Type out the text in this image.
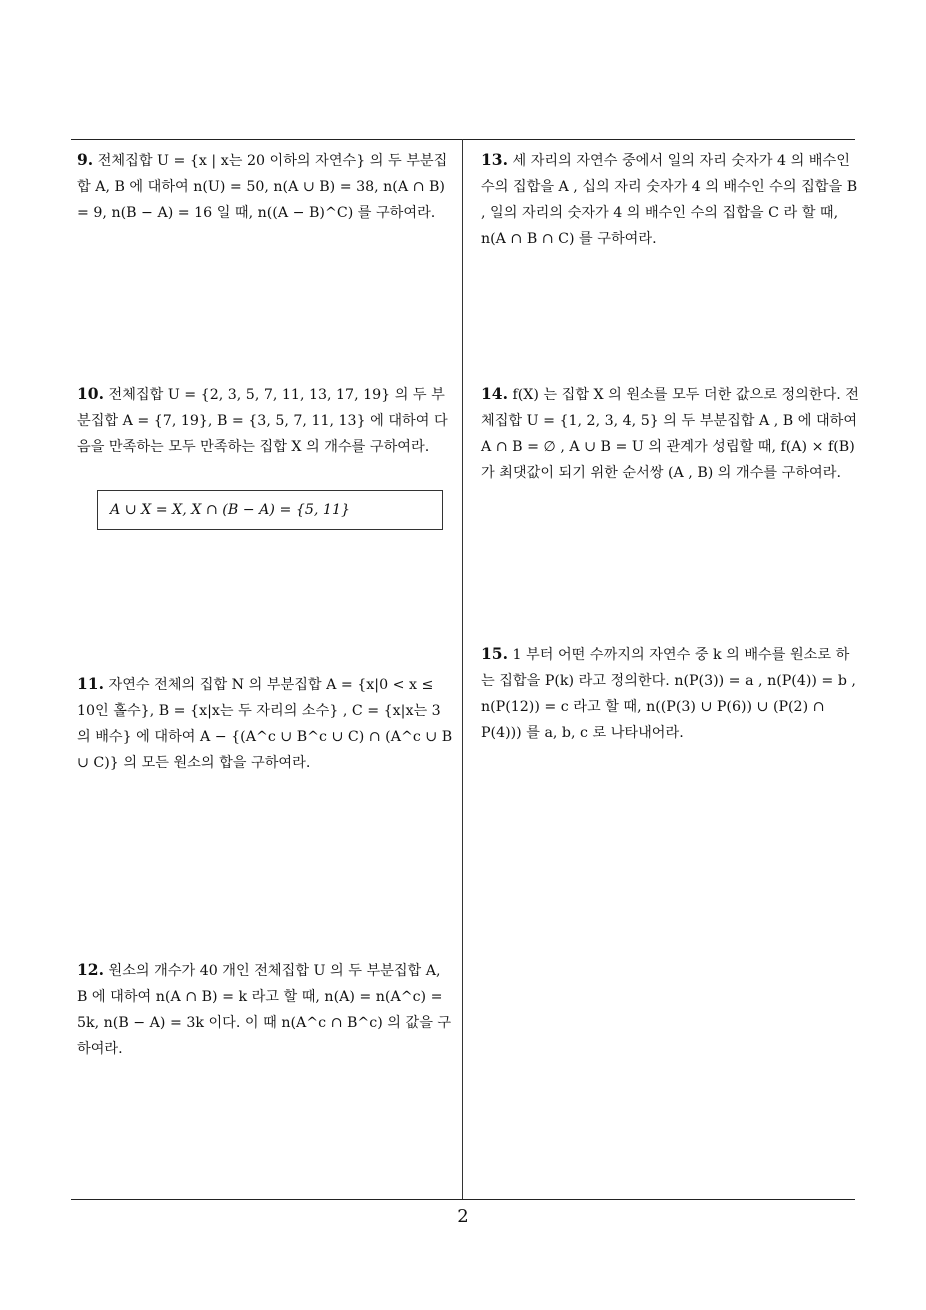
9. 전체집합 U = {x | x는 20 이하의 자연수} 의 두 부분집합 A, B 에 대하여 n(U) = 50, n(A ∪ B) = 38, n(A ∩ B) = 9, n(B − A) = 16 일 때, n((A − B)^C) 를 구하여라.
10. 전체집합 U = {2, 3, 5, 7, 11, 13, 17, 19} 의 두 부분집합 A = {7, 19}, B = {3, 5, 7, 11, 13} 에 대하여 다음을 만족하는 모두 만족하는 집합 X 의 개수를 구하여라.
A ∪ X = X, X ∩ (B − A) = {5, 11}
11. 자연수 전체의 집합 N 의 부분집합 A = {x|0 < x ≤ 10인 홀수}, B = {x|x는 두 자리의 소수} , C = {x|x는 3의 배수} 에 대하여 A − {(A^c ∪ B^c ∪ C) ∩ (A^c ∪ B ∪ C)} 의 모든 원소의 합을 구하여라.
12. 원소의 개수가 40 개인 전체집합 U 의 두 부분집합 A, B 에 대하여 n(A ∩ B) = k 라고 할 때, n(A) = n(A^c) = 5k, n(B − A) = 3k 이다. 이 때 n(A^c ∩ B^c) 의 값을 구하여라.
13. 세 자리의 자연수 중에서 일의 자리 숫자가 4 의 배수인 수의 집합을 A , 십의 자리 숫자가 4 의 배수인 수의 집합을 B , 일의 자리의 숫자가 4 의 배수인 수의 집합을 C 라 할 때, n(A ∩ B ∩ C) 를 구하여라.
14. f(X) 는 집합 X 의 원소를 모두 더한 값으로 정의한다. 전체집합 U = {1, 2, 3, 4, 5} 의 두 부분집합 A , B 에 대하여 A ∩ B = ∅ , A ∪ B = U 의 관계가 성립할 때, f(A) × f(B) 가 최댓값이 되기 위한 순서쌍 (A , B) 의 개수를 구하여라.
15. 1 부터 어떤 수까지의 자연수 중 k 의 배수를 원소로 하는 집합을 P(k) 라고 정의한다. n(P(3)) = a , n(P(4)) = b , n(P(12)) = c 라고 할 때, n((P(3) ∪ P(6)) ∪ (P(2) ∩ P(4))) 를 a, b, c 로 나타내어라.
2
